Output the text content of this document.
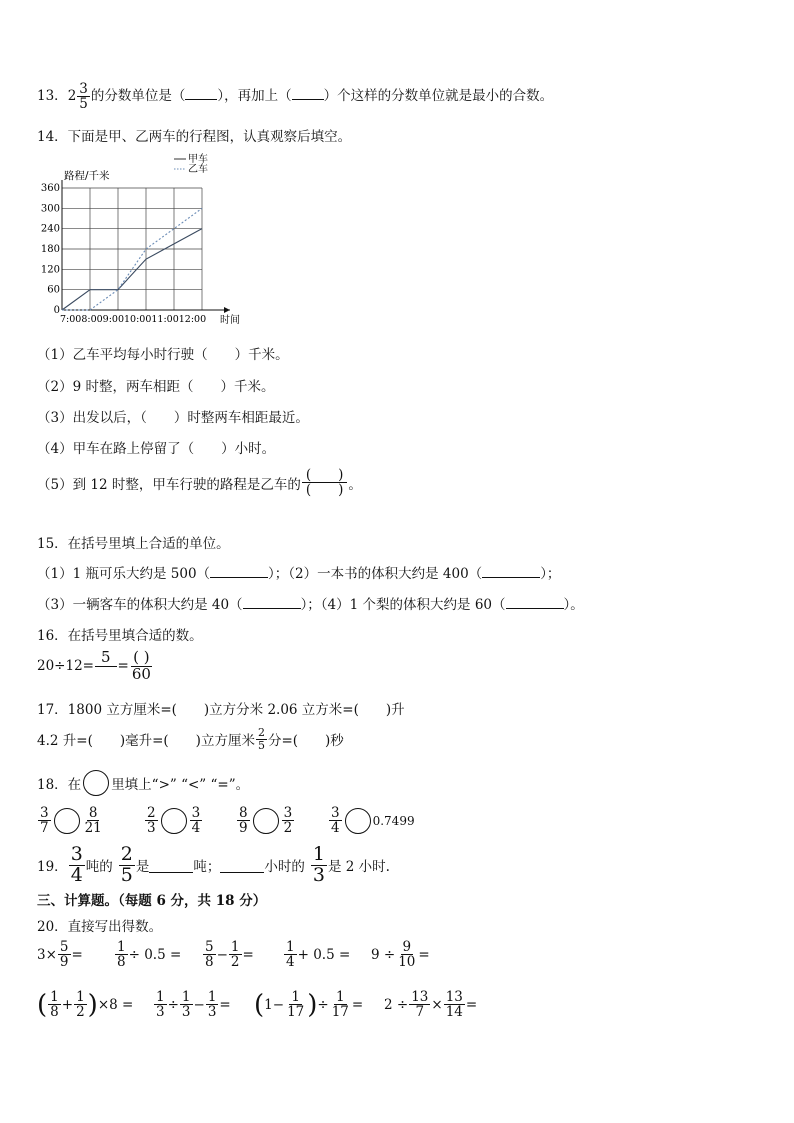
13．$2 \frac{3}{5}$ 的分数单位是（ ），再加上（ ）个这样的分数单位就是最小的合数。
14．下面是甲、乙两车的行程图，认真观察后填空。
0
60
120
180
240
300
360
路程/千米
时间
7:008:009:0010:0011:0012:00
甲车
乙车
（1）乙车平均每小时行驶（　　）千米。
（2）9 时整，两车相距（　　）千米。
（3）出发以后，（　　）时整两车相距最近。
（4）甲车在路上停留了（　　）小时。
（5）到 12 时整，甲车行驶的路程是乙车的 $\frac{( )}{( )}$ 。
15．在括号里填上合适的单位。
（1）1 瓶可乐大约是 500（	）；（2）一本书的体积大约是 400（	）；
（3）一辆客车的体积大约是 40（	）；（4）1 个梨的体积大约是 60（	）。
16．在括号里填合适的数。
20÷12=
5

= $\frac{( )}{60}$
17．1800 立方厘米=(　　)立方分米 2.06 立方米=(　　)升
4.2 升=(　　)毫升=(　　)立方厘米 $\frac{2}{5}$ 分=(　　)秒
18．在 里填上“>” “<” “=”。
$\frac{3}{7} \frac{8}{21}$	$\frac{2}{3} \frac{3}{4}$	$\frac{8}{9} \frac{3}{2}$	$\frac{3}{4}$	0.7499
19． $\frac{3}{4}$ 吨的 $\frac{2}{5}$ 是	吨；	小时的 $\frac{1}{3}$ 是 2 小时.
三、计算题。（每题 6 分，共 18 分）
20．直接写出得数。
$3\times \frac{5}{9} = \frac{1}{8} \div 0.5 = \frac{5}{8} - \frac{1}{2} = \frac{1}{4} + 0.5 = 9 \div \frac{9}{10}$ =
( $\frac{1}{8} + \frac{1}{2}$ ) $\times 8 = \frac{1}{3} \div \frac{1}{3} - \frac{1}{3}$ = ( $1- \frac{1}{17}$ ) ÷ $\frac{1}{17} = 2 \div \frac{13}{7} \times \frac{13}{14}$ =
